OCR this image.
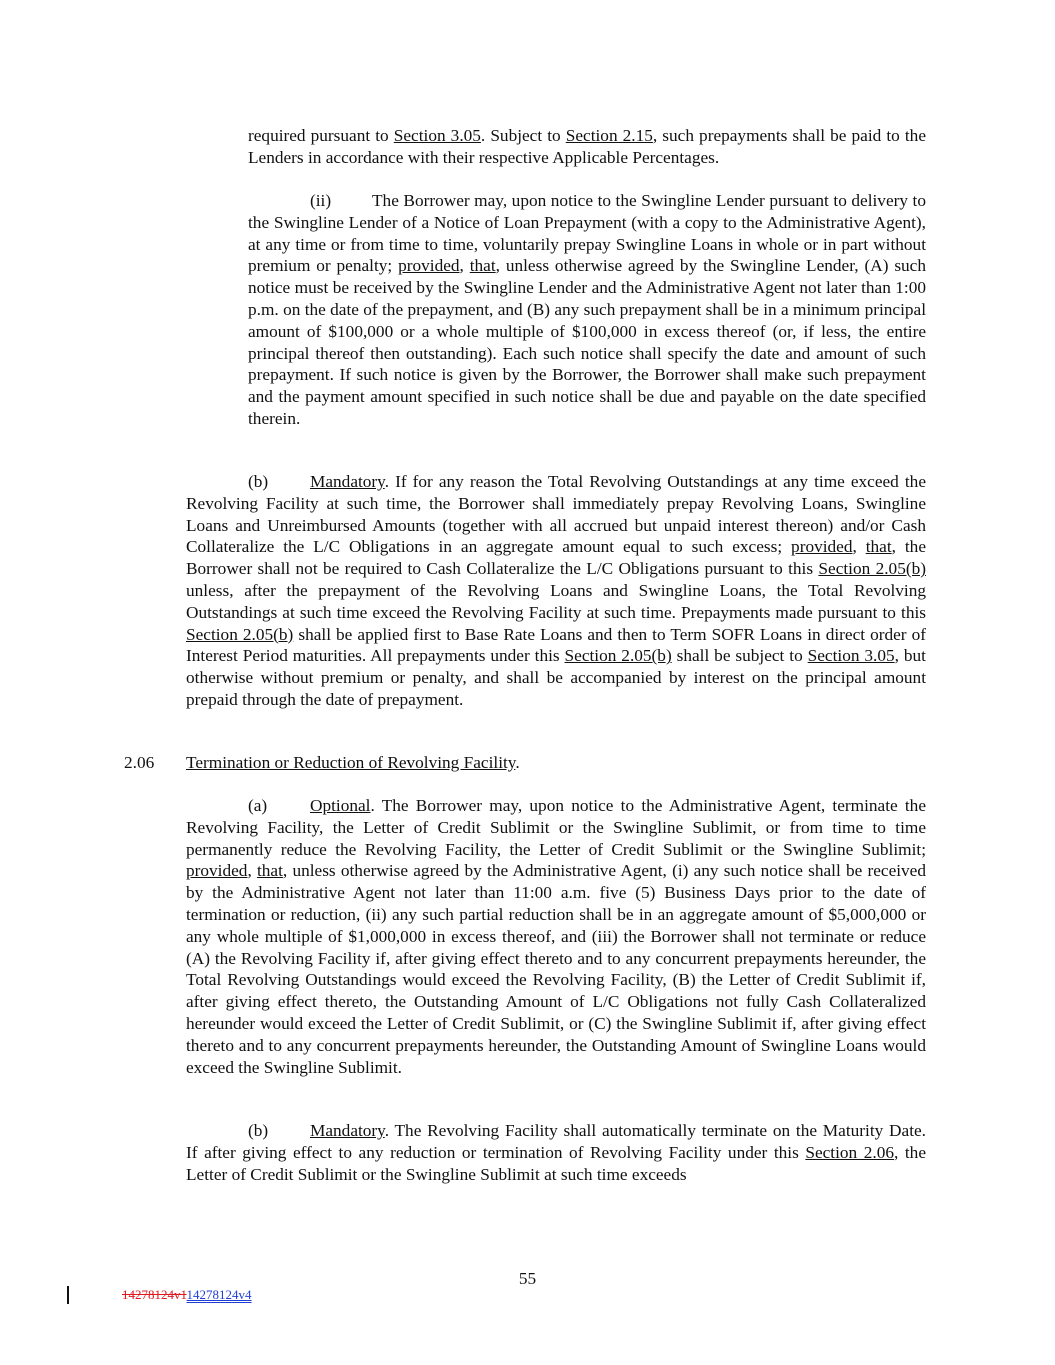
required pursuant to Section 3.05. Subject to Section 2.15, such prepayments shall be paid to the Lenders in accordance with their respective Applicable Percentages.

(ii) The Borrower may, upon notice to the Swingline Lender pursuant to delivery to the Swingline Lender of a Notice of Loan Prepayment (with a copy to the Administrative Agent), at any time or from time to time, voluntarily prepay Swingline Loans in whole or in part without premium or penalty; provided, that, unless otherwise agreed by the Swingline Lender, (A) such notice must be received by the Swingline Lender and the Administrative Agent not later than 1:00 p.m. on the date of the prepayment, and (B) any such prepayment shall be in a minimum principal amount of $100,000 or a whole multiple of $100,000 in excess thereof (or, if less, the entire principal thereof then outstanding). Each such notice shall specify the date and amount of such prepayment. If such notice is given by the Borrower, the Borrower shall make such prepayment and the payment amount specified in such notice shall be due and payable on the date specified therein.

(b) Mandatory. If for any reason the Total Revolving Outstandings at any time exceed the Revolving Facility at such time, the Borrower shall immediately prepay Revolving Loans, Swingline Loans and Unreimbursed Amounts (together with all accrued but unpaid interest thereon) and/or Cash Collateralize the L/C Obligations in an aggregate amount equal to such excess; provided, that, the Borrower shall not be required to Cash Collateralize the L/C Obligations pursuant to this Section 2.05(b) unless, after the prepayment of the Revolving Loans and Swingline Loans, the Total Revolving Outstandings at such time exceed the Revolving Facility at such time. Prepayments made pursuant to this Section 2.05(b) shall be applied first to Base Rate Loans and then to Term SOFR Loans in direct order of Interest Period maturities. All prepayments under this Section 2.05(b) shall be subject to Section 3.05, but otherwise without premium or penalty, and shall be accompanied by interest on the principal amount prepaid through the date of prepayment.

2.06 Termination or Reduction of Revolving Facility.

(a) Optional. The Borrower may, upon notice to the Administrative Agent, terminate the Revolving Facility, the Letter of Credit Sublimit or the Swingline Sublimit, or from time to time permanently reduce the Revolving Facility, the Letter of Credit Sublimit or the Swingline Sublimit; provided, that, unless otherwise agreed by the Administrative Agent, (i) any such notice shall be received by the Administrative Agent not later than 11:00 a.m. five (5) Business Days prior to the date of termination or reduction, (ii) any such partial reduction shall be in an aggregate amount of $5,000,000 or any whole multiple of $1,000,000 in excess thereof, and (iii) the Borrower shall not terminate or reduce (A) the Revolving Facility if, after giving effect thereto and to any concurrent prepayments hereunder, the Total Revolving Outstandings would exceed the Revolving Facility, (B) the Letter of Credit Sublimit if, after giving effect thereto, the Outstanding Amount of L/C Obligations not fully Cash Collateralized hereunder would exceed the Letter of Credit Sublimit, or (C) the Swingline Sublimit if, after giving effect thereto and to any concurrent prepayments hereunder, the Outstanding Amount of Swingline Loans would exceed the Swingline Sublimit.

(b) Mandatory. The Revolving Facility shall automatically terminate on the Maturity Date. If after giving effect to any reduction or termination of Revolving Facility under this Section 2.06, the Letter of Credit Sublimit or the Swingline Sublimit at such time exceeds

55
14278124v114278124v4
